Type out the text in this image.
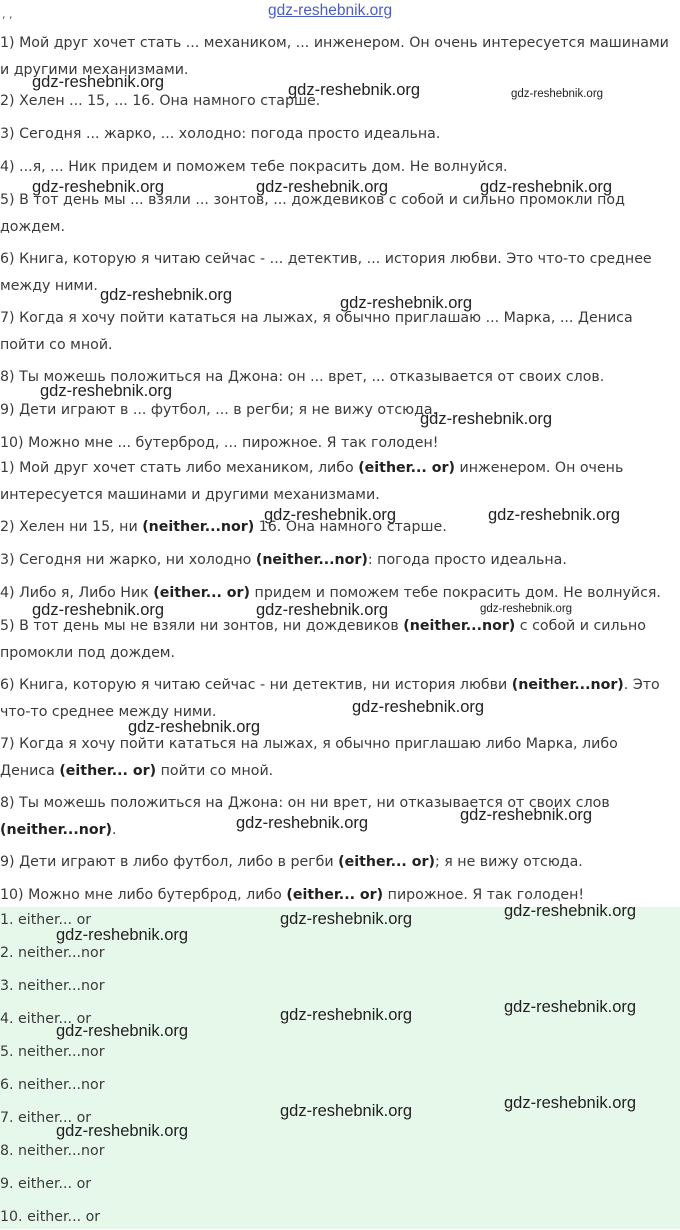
, ,	gdz-reshebnik.org
1) Мой друг хочет стать ... механиком, ... инженером. Он очень интересуется машинами и другими механизмами.
2) Хелен ... 15, ... 16. Она намного старше.
3) Сегодня ... жарко, ... холодно: погода просто идеальна.
4) ...я, ... Ник придем и поможем тебе покрасить дом. Не волнуйся.
5) В тот день мы ... взяли ... зонтов, ... дождевиков с собой и сильно промокли под дождем.
6) Книга, которую я читаю сейчас - ... детектив, ... история любви. Это что-то среднее между ними.
7) Когда я хочу пойти кататься на лыжах, я обычно приглашаю ... Марка, ... Дениса пойти со мной.
8) Ты можешь положиться на Джона: он ... врет, ... отказывается от своих слов.
9) Дети играют в ... футбол, ... в регби; я не вижу отсюда.
10) Можно мне ... бутерброд, ... пирожное. Я так голоден!
1) Мой друг хочет стать либо механиком, либо (either... or) инженером. Он очень интересуется машинами и другими механизмами.
2) Хелен ни 15, ни (neither...nor) 16. Она намного старше.
3) Сегодня ни жарко, ни холодно (neither...nor): погода просто идеальна.
4) Либо я, Либо Ник (either... or) придем и поможем тебе покрасить дом. Не волнуйся.
5) В тот день мы не взяли ни зонтов, ни дождевиков (neither...nor) с собой и сильно промокли под дождем.
6) Книга, которую я читаю сейчас - ни детектив, ни история любви (neither...nor). Это что-то среднее между ними.
7) Когда я хочу пойти кататься на лыжах, я обычно приглашаю либо Марка, либо Дениса (either... or) пойти со мной.
8) Ты можешь положиться на Джона: он ни врет, ни отказывается от своих слов (neither...nor).
9) Дети играют в либо футбол, либо в регби (either... or); я не вижу отсюда.
10) Можно мне либо бутерброд, либо (either... or) пирожное. Я так голоден!
1. either... or
2. neither...nor
3. neither...nor
4. either... or
5. neither...nor
6. neither...nor
7. either... or
8. neither...nor
9. either... or
10. either... or
gdz-reshebnik.org	gdz-reshebnik.org	gdz-reshebnik.org
gdz-reshebnik.org	gdz-reshebnik.org	gdz-reshebnik.org
gdz-reshebnik.org	gdz-reshebnik.org
gdz-reshebnik.org
gdz-reshebnik.org
gdz-reshebnik.org	gdz-reshebnik.org
gdz-reshebnik.org	gdz-reshebnik.org	gdz-reshebnik.org
gdz-reshebnik.org
gdz-reshebnik.org
gdz-reshebnik.org	gdz-reshebnik.org
gdz-reshebnik.org
gdz-reshebnik.org
gdz-reshebnik.org
gdz-reshebnik.org
gdz-reshebnik.org
gdz-reshebnik.org
gdz-reshebnik.org
gdz-reshebnik.org
gdz-reshebnik.org
